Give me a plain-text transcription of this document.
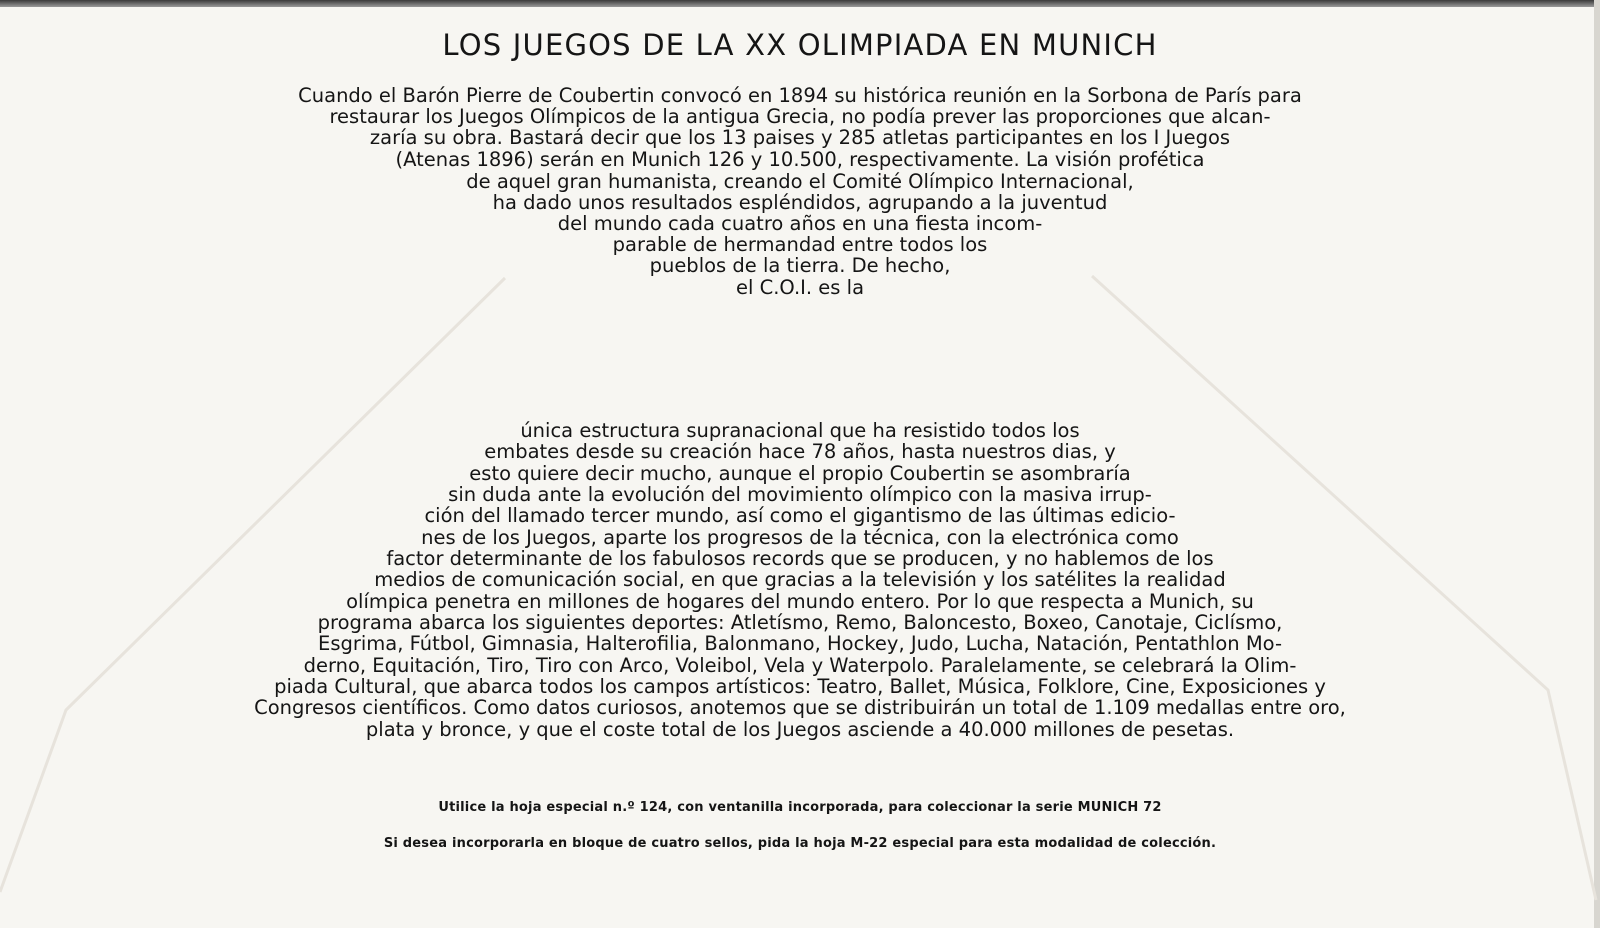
LOS JUEGOS DE LA XX OLIMPIADA EN MUNICH
Cuando el Barón Pierre de Coubertin convocó en 1894 su histórica reunión en la Sorbona de París para
restaurar los Juegos Olímpicos de la antigua Grecia, no podía prever las proporciones que alcan-
zaría su obra. Bastará decir que los 13 paises y 285 atletas participantes en los I Juegos
(Atenas 1896) serán en Munich 126 y 10.500, respectivamente. La visión profética
de aquel gran humanista, creando el Comité Olímpico Internacional,
ha dado unos resultados espléndidos, agrupando a la juventud
del mundo cada cuatro años en una fiesta incom-
parable de hermandad entre todos los
pueblos de la tierra. De hecho,
el C.O.I. es la
única estructura supranacional que ha resistido todos los
embates desde su creación hace 78 años, hasta nuestros dias, y
esto quiere decir mucho, aunque el propio Coubertin se asombraría
sin duda ante la evolución del movimiento olímpico con la masiva irrup-
ción del llamado tercer mundo, así como el gigantismo de las últimas edicio-
nes de los Juegos, aparte los progresos de la técnica, con la electrónica como
factor determinante de los fabulosos records que se producen, y no hablemos de los
medios de comunicación social, en que gracias a la televisión y los satélites la realidad
olímpica penetra en millones de hogares del mundo entero. Por lo que respecta a Munich, su
programa abarca los siguientes deportes: Atletísmo, Remo, Baloncesto, Boxeo, Canotaje, Ciclísmo,
Esgrima, Fútbol, Gimnasia, Halterofilia, Balonmano, Hockey, Judo, Lucha, Natación, Pentathlon Mo-
derno, Equitación, Tiro, Tiro con Arco, Voleibol, Vela y Waterpolo. Paralelamente, se celebrará la Olim-
piada Cultural, que abarca todos los campos artísticos: Teatro, Ballet, Música, Folklore, Cine, Exposiciones y
Congresos científicos. Como datos curiosos, anotemos que se distribuirán un total de 1.109 medallas entre oro,
plata y bronce, y que el coste total de los Juegos asciende a 40.000 millones de pesetas.
Utilice la hoja especial n.º 124, con ventanilla incorporada, para coleccionar la serie MUNICH 72
Si desea incorporarla en bloque de cuatro sellos, pida la hoja M-22 especial para esta modalidad de colección.
